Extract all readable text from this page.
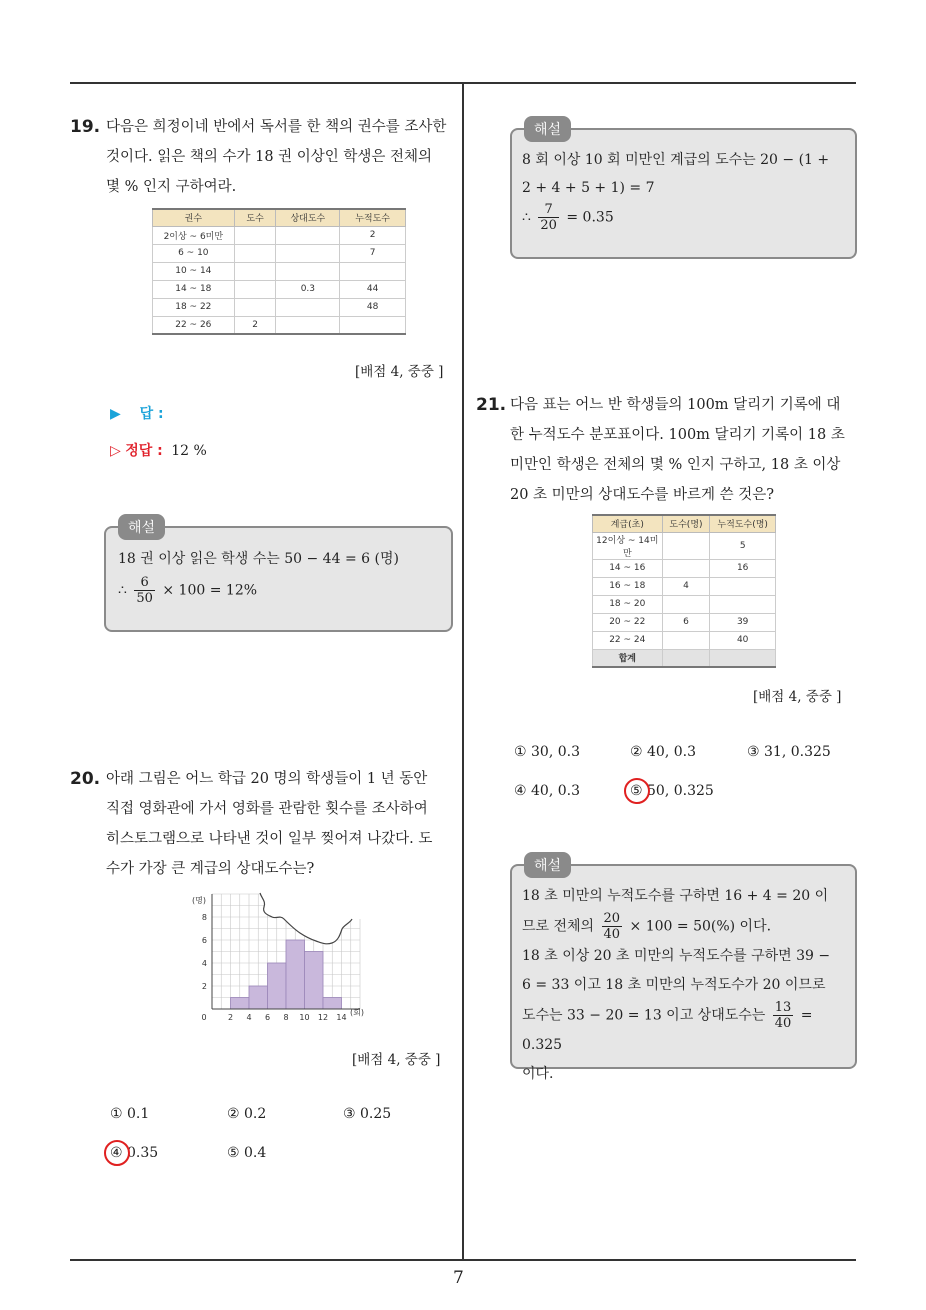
7
19. 다음은 희정이네 반에서 독서를 한 책의 권수를 조사한
것이다. 읽은 책의 수가 18 권 이상인 학생은 전체의
몇 % 인지 구하여라.
권수	도수	상대도수	누적도수
2이상 ~ 6미만			2
6 ~ 10			7
10 ~ 14			
14 ~ 18		0.3	44
18 ~ 22			48
22 ~ 26	2		
[배점 4, 중중 ]
▶ 답 :
▷ 정답 : 12 %
해설
18 권 이상 읽은 학생 수는 50 − 44 = 6 (명)
∴ $\frac{6}{50} \times 100 = 12\%$
20. 아래 그림은 어느 학급 20 명의 학생들이 1 년 동안
직접 영화관에 가서 영화를 관람한 횟수를 조사하여
히스토그램으로 나타낸 것이 일부 찢어져 나갔다. 도
수가 가장 큰 계급의 상대도수는?
0	2 4 6 8 10 12 14
2
4
6
8
(명)
(회)
[배점 4, 중중 ]
① 0.1	② 0.2	③ 0.25
④ 0.35	⑤ 0.4
해설
8 회 이상 10 회 미만인 계급의 도수는 20 − (1 +
2 + 4 + 5 + 1) = 7
∴ $\frac{7}{20} = 0.35$
21. 다음 표는 어느 반 학생들의 100m 달리기 기록에 대
한 누적도수 분포표이다. 100m 달리기 기록이 18 초
미만인 학생은 전체의 몇 % 인지 구하고, 18 초 이상
20 초 미만의 상대도수를 바르게 쓴 것은?
계급(초)	도수(명)	누적도수(명)
12이상 ~ 14미만		5
14 ~ 16		16
16 ~ 18	4	
18 ~ 20		
20 ~ 22	6	39
22 ~ 24		40
합계		
[배점 4, 중중 ]
① 30, 0.3	② 40, 0.3	③ 31, 0.325
④ 40, 0.3	⑤ 50, 0.325
해설
18 초 미만의 누적도수를 구하면 16 + 4 = 20 이
므로 전체의 $\frac{20}{40} \times 100 = 50(\%)$ 이다.
18 초 이상 20 초 미만의 누적도수를 구하면 39 −
6 = 33 이고 18 초 미만의 누적도수가 20 이므로
도수는 33 − 20 = 13 이고 상대도수는 $\frac{13}{40} = 0.325$
이다.
